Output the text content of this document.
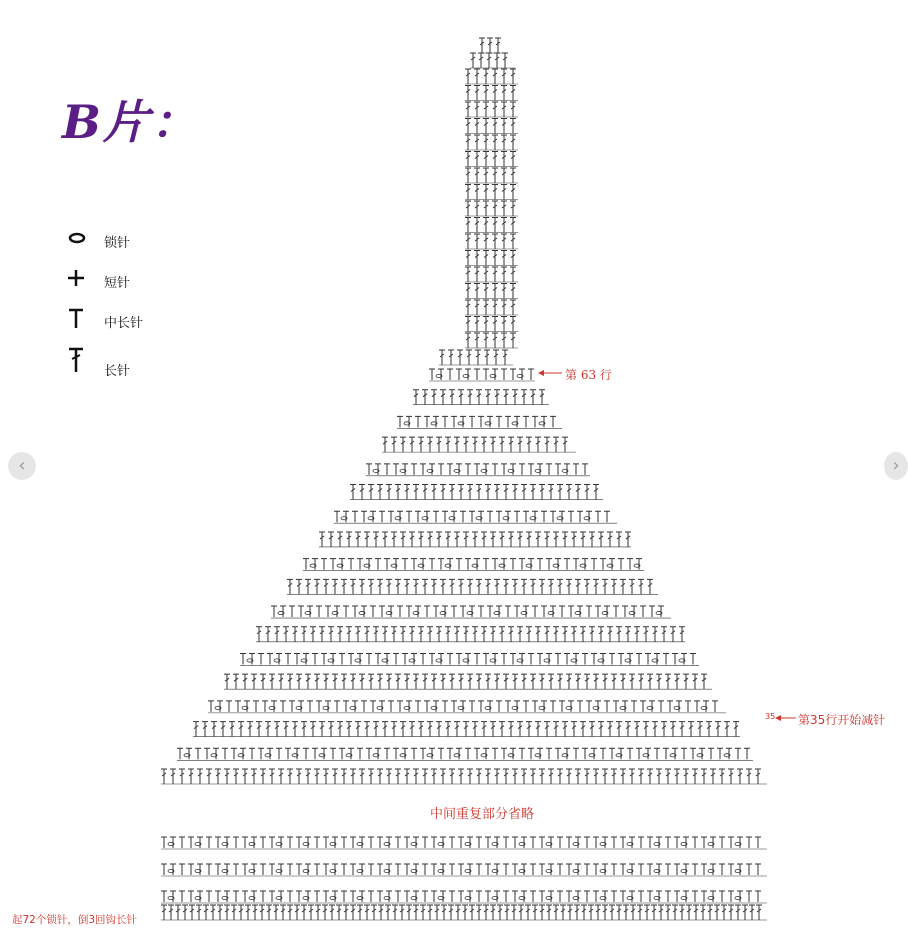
B片：
锁针
短针
中长针
长针	第 63 行
35 第35行开始减针
中间重复部分省略
起72个锁针，倒3回钩长针
‹	›
